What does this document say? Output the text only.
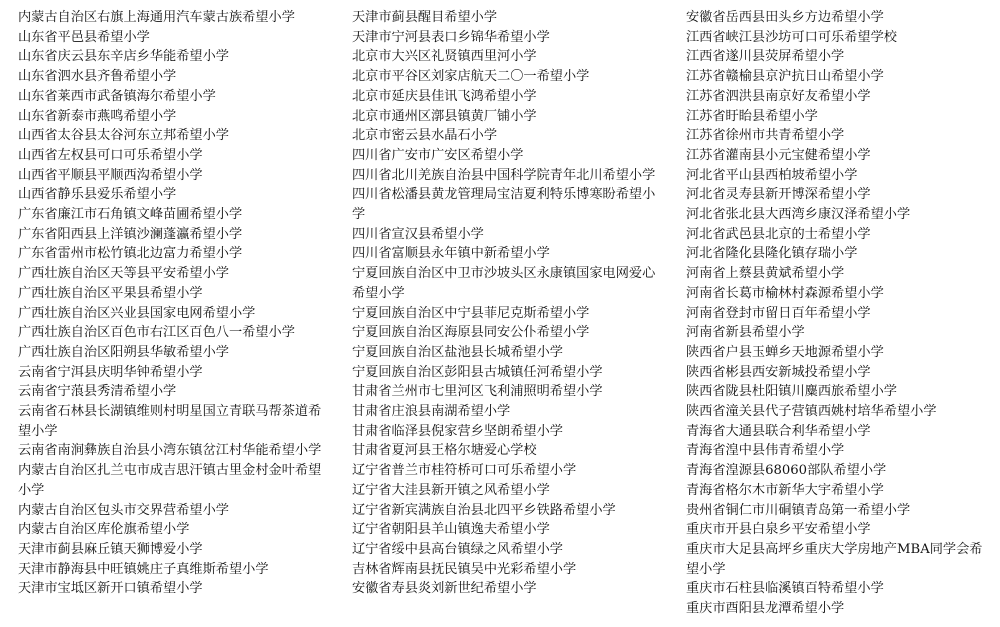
内蒙古自治区右旗上海通用汽车蒙古族希望小学
山东省平邑县希望小学
山东省庆云县东辛店乡华能希望小学
山东省泗水县齐鲁希望小学
山东省莱西市武备镇海尔希望小学
山东省新泰市燕鸣希望小学
山西省太谷县太谷河东立邦希望小学
山西省左权县可口可乐希望小学
山西省平顺县平顺西沟希望小学
山西省静乐县爱乐希望小学
广东省廉江市石角镇文峰苗圃希望小学
广东省阳西县上洋镇沙澜蓬瀛希望小学
广东省雷州市松竹镇北边富力希望小学
广西壮族自治区天等县平安希望小学
广西壮族自治区平果县希望小学
广西壮族自治区兴业县国家电网希望小学
广西壮族自治区百色市右江区百色八一希望小学
广西壮族自治区阳朔县华敏希望小学
云南省宁洱县庆明华钟希望小学
云南省宁蒗县秀清希望小学
云南省石林县长湖镇维则村明星国立青联马帮茶道希望小学
云南省南涧彝族自治县小湾东镇岔江村华能希望小学
内蒙古自治区扎兰屯市成吉思汗镇古里金村金叶希望小学
内蒙古自治区包头市交界营希望小学
内蒙古自治区库伦旗希望小学
天津市蓟县麻丘镇天狮博爱小学
天津市静海县中旺镇姚庄子真维斯希望小学
天津市宝坻区新开口镇希望小学
天津市蓟县醒目希望小学
天津市宁河县表口乡锦华希望小学
北京市大兴区礼贤镇西里河小学
北京市平谷区刘家店航天二〇一希望小学
北京市延庆县佳讯飞鸿希望小学
北京市通州区漷县镇黄厂铺小学
北京市密云县水晶石小学
四川省广安市广安区希望小学
四川省北川羌族自治县中国科学院青年北川希望小学
四川省松潘县黄龙管理局宝洁夏利特乐博寒盼希望小学
四川省宣汉县希望小学
四川省富顺县永年镇中新希望小学
宁夏回族自治区中卫市沙坡头区永康镇国家电网爱心希望小学
宁夏回族自治区中宁县菲尼克斯希望小学
宁夏回族自治区海原县同安公仆希望小学
宁夏回族自治区盐池县长城希望小学
宁夏回族自治区彭阳县古城镇任河希望小学
甘肃省兰州市七里河区飞利浦照明希望小学
甘肃省庄浪县南湖希望小学
甘肃省临泽县倪家营乡坚朗希望小学
甘肃省夏河县王格尔塘爱心学校
辽宁省普兰市桂符桥可口可乐希望小学
辽宁省大洼县新开镇之风希望小学
辽宁省新宾满族自治县北四平乡铁路希望小学
辽宁省朝阳县羊山镇逸夫希望小学
辽宁省绥中县高台镇绿之风希望小学
吉林省辉南县抚民镇吴中光彩希望小学
安徽省寿县炎刘新世纪希望小学
安徽省岳西县田头乡方边希望小学
江西省峡江县沙坊可口可乐希望学校
江西省遂川县荧屏希望小学
江苏省赣榆县京沪抗日山希望小学
江苏省泗洪县南京好友希望小学
江苏省盱眙县希望小学
江苏省徐州市共青希望小学
江苏省灌南县小元宝健希望小学
河北省平山县西柏坡希望小学
河北省灵寿县新开博深希望小学
河北省张北县大西湾乡康汉泽希望小学
河北省武邑县北京的士希望小学
河北省隆化县隆化镇存瑞小学
河南省上蔡县黄斌希望小学
河南省长葛市榆林村森源希望小学
河南省登封市留日百年希望小学
河南省新县希望小学
陕西省户县玉蝉乡天地源希望小学
陕西省彬县西安新城投希望小学
陕西省陇县杜阳镇川麋西旅希望小学
陕西省潼关县代子营镇西姚村培华希望小学
青海省大通县联合利华希望小学
青海省湟中县伟青希望小学
青海省湟源县68060部队希望小学
青海省格尔木市新华大宇希望小学
贵州省铜仁市川硐镇青岛第一希望小学
重庆市开县白泉乡平安希望小学
重庆市大足县高坪乡重庆大学房地产MBA同学会希望小学
重庆市石柱县临溪镇百特希望小学
重庆市酉阳县龙潭希望小学
